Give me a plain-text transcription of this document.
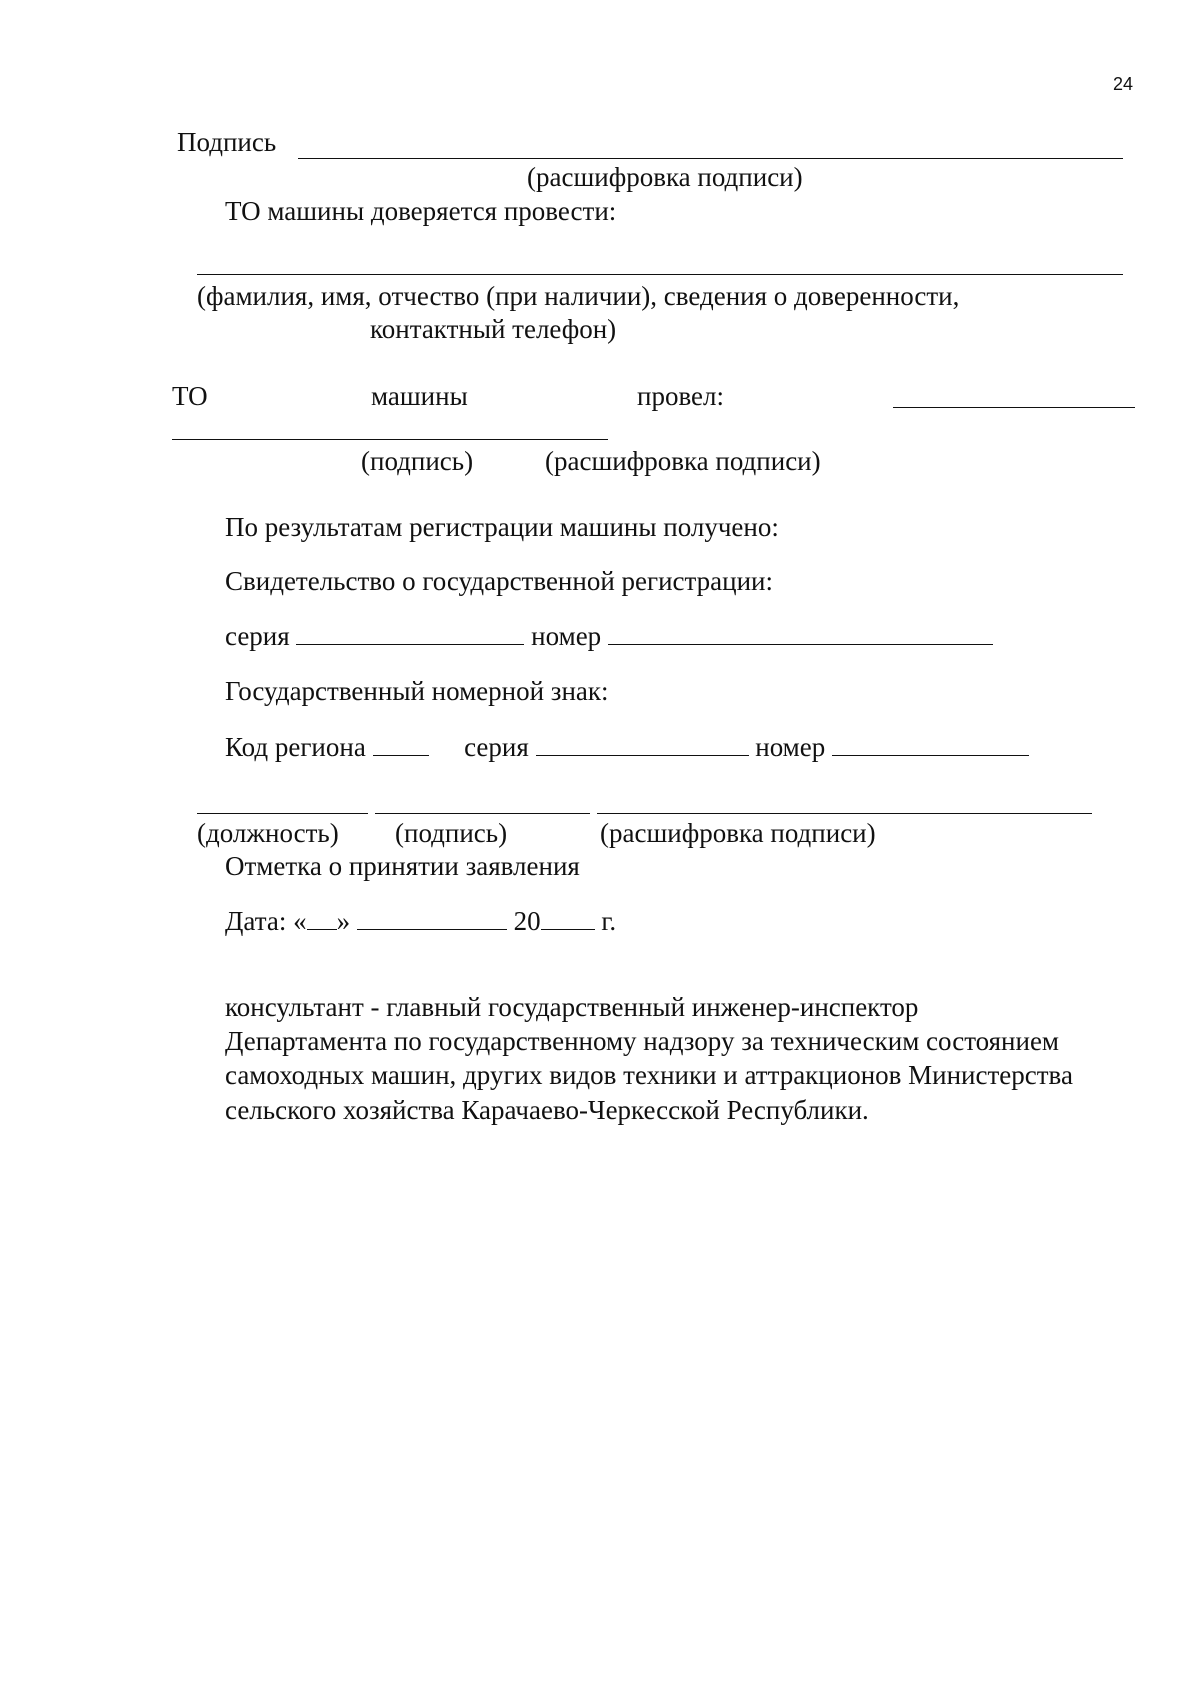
24
Подпись
(расшифровка подписи)
ТО машины доверяется провести:
(фамилия, имя, отчество (при наличии), сведения о доверенности,
контактный телефон)
ТО	машины	провел:
(подпись)	(расшифровка подписи)
По результатам регистрации машины получено:
Свидетельство о государственной регистрации:
серия	номер
Государственный номерной знак:
Код региона	серия	номер
(должность) (подпись)	(расшифровка подписи)
Отметка о принятии заявления
Дата: « »	20 г.
консультант - главный государственный инженер-инспектор
Департамента по государственному надзору за техническим состоянием
самоходных машин, других видов техники и аттракционов Министерства
сельского хозяйства Карачаево-Черкесской Республики.
